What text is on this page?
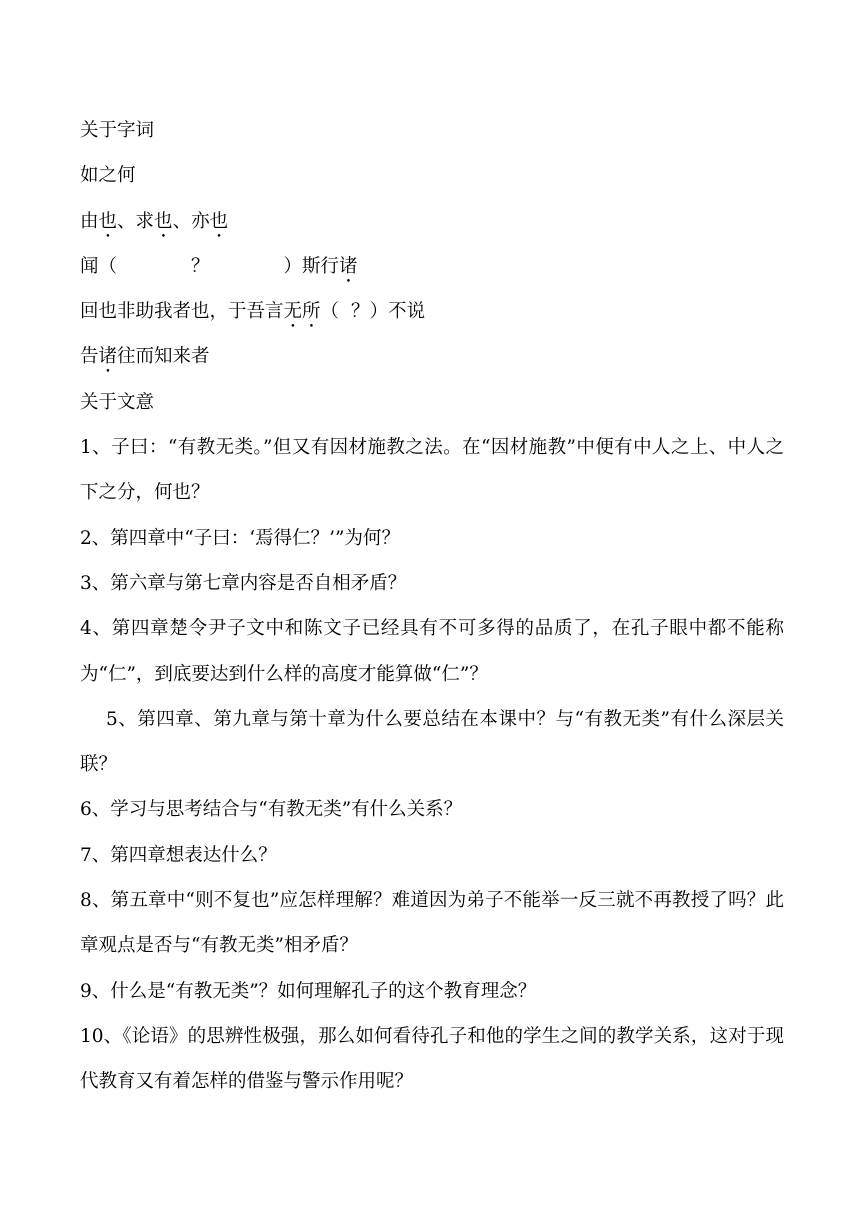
关于字词
如之何
由也、求也、亦也
闻（	？	）斯行诸
回也非助我者也，于吾言无所（ ？）不说
告诸往而知来者
关于文意
1、子曰：“有教无类。”但又有因材施教之法。在“因材施教”中便有中人之上、中人之下之分，何也？
2、第四章中“子曰：‘焉得仁？’”为何？
3、第六章与第七章内容是否自相矛盾？
4、第四章楚令尹子文中和陈文子已经具有不可多得的品质了，在孔子眼中都不能称为“仁”，到底要达到什么样的高度才能算做“仁”？
5、第四章、第九章与第十章为什么要总结在本课中？与“有教无类”有什么深层关联？
6、学习与思考结合与“有教无类”有什么关系？
7、第四章想表达什么？
8、第五章中“则不复也”应怎样理解？难道因为弟子不能举一反三就不再教授了吗？此章观点是否与“有教无类”相矛盾？
9、什么是“有教无类”？如何理解孔子的这个教育理念？
10、《论语》的思辨性极强，那么如何看待孔子和他的学生之间的教学关系，这对于现代教育又有着怎样的借鉴与警示作用呢？
